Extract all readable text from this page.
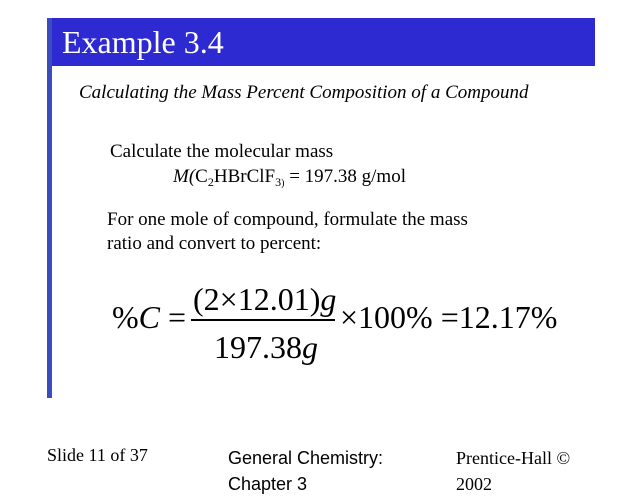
Example 3.4
Calculating the Mass Percent Composition of a Compound
Calculate the molecular mass
$M(C_2HBrClF_{3)} = 197.38$ g/mol
For one mole of compound, formulate the mass
ratio and convert to percent:
%C = (2×12.01)g
197.38g
×100% =12.17%
Slide 11 of 37	General Chemistry:
Chapter 3
Prentice-Hall ©
2002
